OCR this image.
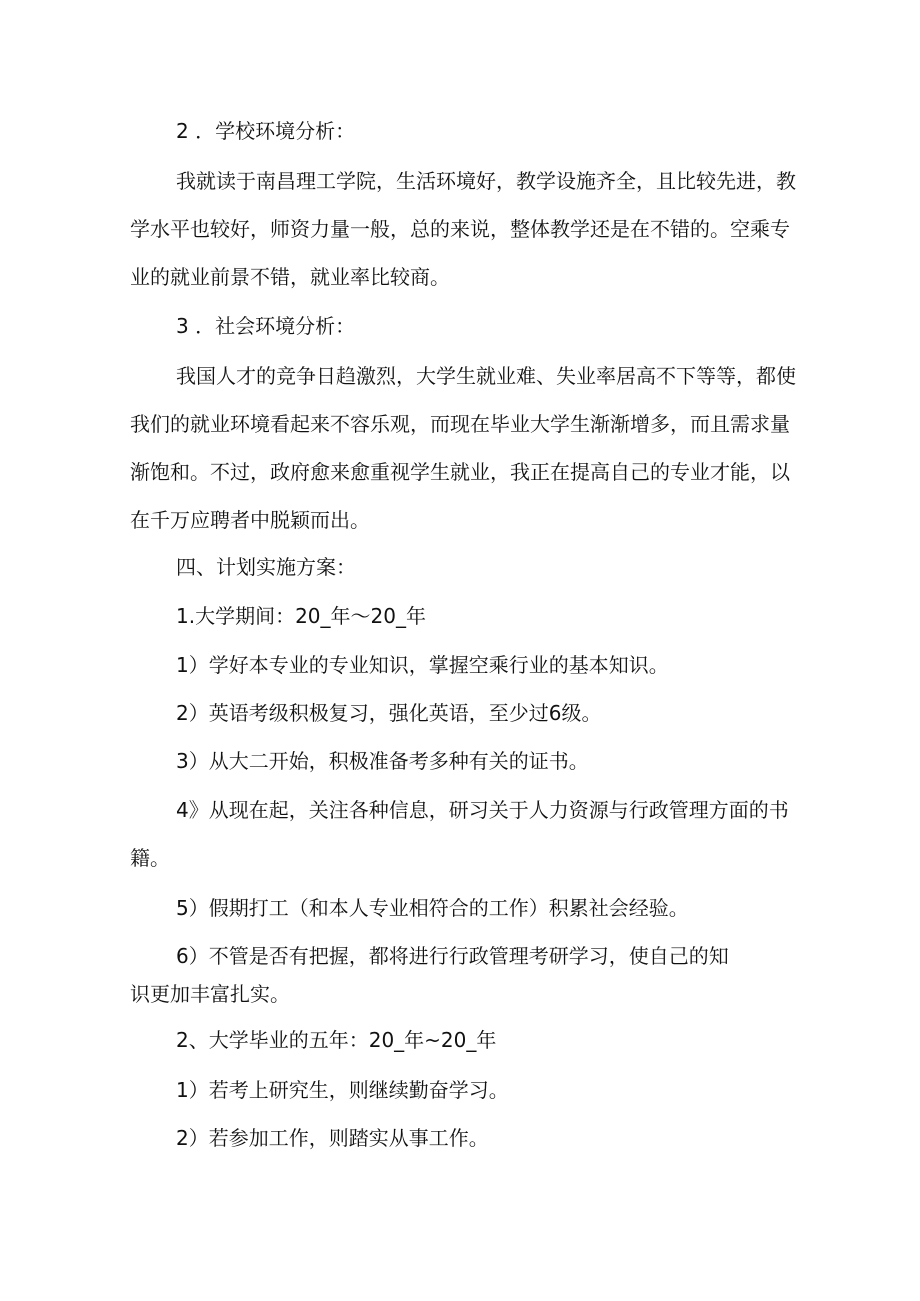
2 ．学校环境分析：
我就读于南昌理工学院，生活环境好，教学设施齐全，且比较先进，教
学水平也较好，师资力量一般，总的来说，整体教学还是在不错的。空乘专
业的就业前景不错，就业率比较商。
3 ．社会环境分析：
我国人才的竞争日趋激烈，大学生就业难、失业率居高不下等等，都使
我们的就业环境看起来不容乐观，而现在毕业大学生渐渐增多，而且需求量
渐饱和。不过，政府愈来愈重视学生就业，我正在提高自己的专业才能，以
在千万应聘者中脱颖而出。
四、计划实施方案：
1.大学期间：20_年〜20_年
1）学好本专业的专业知识，掌握空乘行业的基本知识。
2）英语考级积极复习，强化英语，至少过6级。
3）从大二开始，积极准备考多种有关的证书。
4》从现在起，关注各种信息，研习关于人力资源与行政管理方面的书
籍。
5）假期打工（和本人专业相符合的工作）积累社会经验。
6）不管是否有把握，都将进行行政管理考研学习，使自己的知
识更加丰富扎实。
2、大学毕业的五年：20_年~20_年
1）若考上研究生，则继续勤奋学习。
2）若参加工作，则踏实从事工作。
